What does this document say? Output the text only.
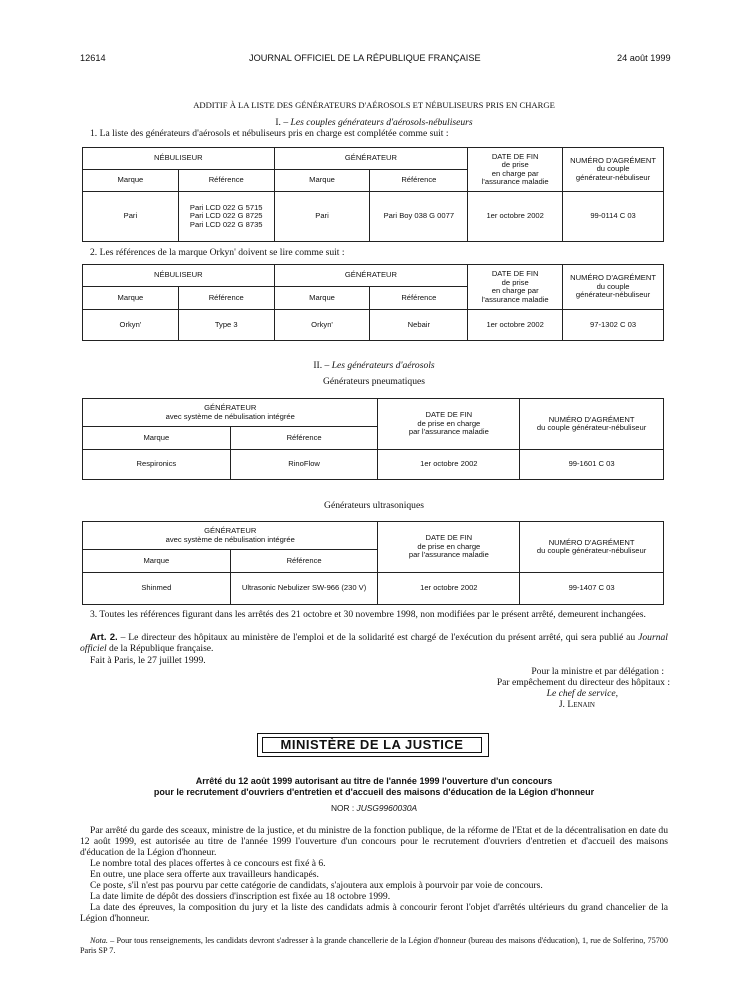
12614	JOURNAL OFFICIEL DE LA RÉPUBLIQUE FRANÇAISE	24 août 1999
ADDITIF À LA LISTE DES GÉNÉRATEURS D'AÉROSOLS ET NÉBULISEURS PRIS EN CHARGE
I. – Les couples générateurs d'aérosols-nébuliseurs
1. La liste des générateurs d'aérosols et nébuliseurs pris en charge est complétée comme suit :
NÉBULISEUR		GÉNÉRATEUR		DATE DE FIN
de prise
en charge par
l'assurance maladie	NUMÉRO D'AGRÉMENT
du couple
générateur-nébuliseur

Marque	Référence	Marque	Référence		
Pari	Pari LCD 022 G 5715
Pari LCD 022 G 8725
Pari LCD 022 G 8735	Pari	Pari Boy 038 G 0077	1er octobre 2002	99-0114 C 03
2. Les références de la marque Orkyn' doivent se lire comme suit :
NÉBULISEUR		GÉNÉRATEUR		DATE DE FIN
de prise
en charge par
l'assurance maladie	NUMÉRO D'AGRÉMENT
du couple
générateur-nébuliseur

Marque	Référence	Marque	Référence		
Orkyn'	Type 3	Orkyn'	Nebair	1er octobre 2002	97-1302 C 03
II. – Les générateurs d'aérosols
Générateurs pneumatiques
GÉNÉRATEUR
avec système de nébulisation intégrée		DATE DE FIN
de prise en charge
par l'assurance maladie	NUMÉRO D'AGRÉMENT
du couple générateur-nébuliseur

Marque	Référence		
Respironics	RinoFlow	1er octobre 2002	99-1601 C 03
Générateurs ultrasoniques
GÉNÉRATEUR
avec système de nébulisation intégrée		DATE DE FIN
de prise en charge
par l'assurance maladie	NUMÉRO D'AGRÉMENT
du couple générateur-nébuliseur

Marque	Référence		
Shinmed	Ultrasonic Nebulizer SW-966 (230 V)	1er octobre 2002	99-1407 C 03
3. Toutes les références figurant dans les arrêtés des 21 octobre et 30 novembre 1998, non modifiées par le présent arrêté, demeurent inchangées.
Art. 2. – Le directeur des hôpitaux au ministère de l'emploi et de la solidarité est chargé de l'exécution du présent arrêté, qui sera publié au Journal officiel de la République française.
Fait à Paris, le 27 juillet 1999.
Pour la ministre et par délégation :
Par empêchement du directeur des hôpitaux :
Le chef de service,
J. Lenain
MINISTÈRE DE LA JUSTICE
Arrêté du 12 août 1999 autorisant au titre de l'année 1999 l'ouverture d'un concours
pour le recrutement d'ouvriers d'entretien et d'accueil des maisons d'éducation de la Légion d'honneur
NOR : JUSG9960030A
Par arrêté du garde des sceaux, ministre de la justice, et du ministre de la fonction publique, de la réforme de l'Etat et de la décentralisation en date du 12 août 1999, est autorisée au titre de l'année 1999 l'ouverture d'un concours pour le recrutement d'ouvriers d'entretien et d'accueil des maisons d'éducation de la Légion d'honneur.
Le nombre total des places offertes à ce concours est fixé à 6.
En outre, une place sera offerte aux travailleurs handicapés.
Ce poste, s'il n'est pas pourvu par cette catégorie de candidats, s'ajoutera aux emplois à pourvoir par voie de concours.
La date limite de dépôt des dossiers d'inscription est fixée au 18 octobre 1999.
La date des épreuves, la composition du jury et la liste des candidats admis à concourir feront l'objet d'arrêtés ultérieurs du grand chancelier de la Légion d'honneur.
Nota. – Pour tous renseignements, les candidats devront s'adresser à la grande chancellerie de la Légion d'honneur (bureau des maisons d'éducation), 1, rue de Solferino, 75700 Paris SP 7.
